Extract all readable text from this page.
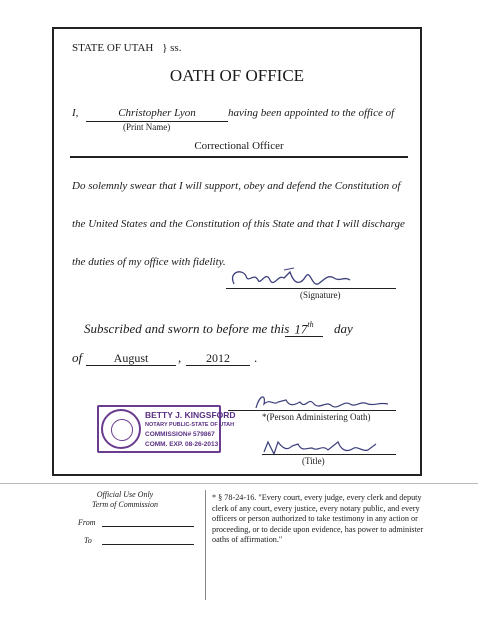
STATE OF UTAH } ss.
OATH OF OFFICE
I,	Christopher Lyon	having been appointed to the office of
(Print Name)
Correctional Officer
Do solemnly swear that I will support, obey and defend the Constitution of
the United States and the Constitution of this State and that I will discharge
the duties of my office with fidelity.
(Signature)
Subscribed and sworn to before me this 17th	day
of	August	,	2012	.
BETTY J. KINGSFORD
NOTARY PUBLIC-STATE OF UTAH
COMMISSION# 579867
COMM. EXP. 08-26-2013
*(Person Administering Oath)
(Title)
Official Use Only
Term of Commission
From
To
* § 78-24-16. "Every court, every judge, every clerk and deputy clerk of any court, every justice, every notary public, and every officers or person authorized to take testimony in any action or proceeding, or to decide upon evidence, has power to administer oaths of affirmation."
